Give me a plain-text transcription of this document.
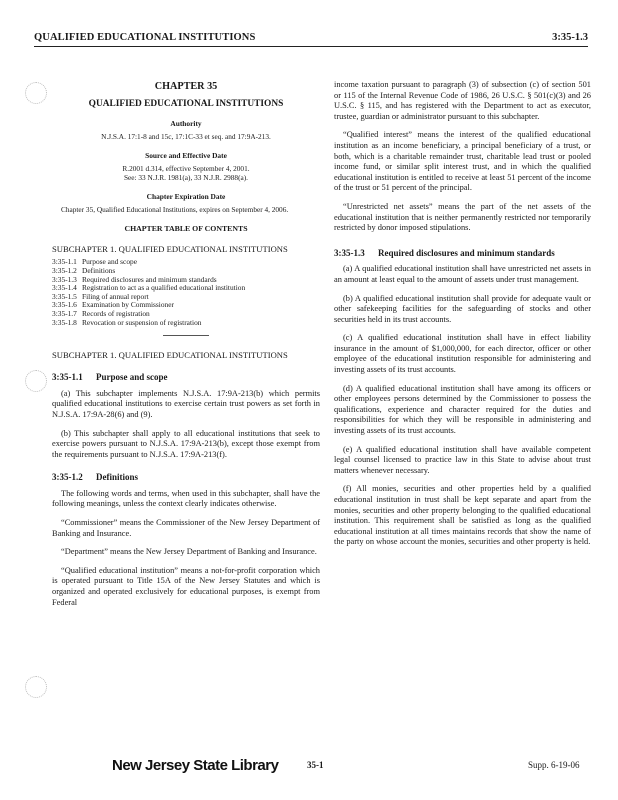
QUALIFIED EDUCATIONAL INSTITUTIONS	3:35-1.3
CHAPTER 35
QUALIFIED EDUCATIONAL INSTITUTIONS
Authority
N.J.S.A. 17:1-8 and 15c, 17:1C-33 et seq. and 17:9A-213.
Source and Effective Date
R.2001 d.314, effective September 4, 2001.
See: 33 N.J.R. 1981(a), 33 N.J.R. 2988(a).
Chapter Expiration Date
Chapter 35, Qualified Educational Institutions, expires on September 4, 2006.
CHAPTER TABLE OF CONTENTS
SUBCHAPTER 1. QUALIFIED EDUCATIONAL INSTITUTIONS
3:35-1.1 Purpose and scope
3:35-1.2 Definitions
3:35-1.3 Required disclosures and minimum standards
3:35-1.4 Registration to act as a qualified educational institution
3:35-1.5 Filing of annual report
3:35-1.6 Examination by Commissioner
3:35-1.7 Records of registration
3:35-1.8 Revocation or suspension of registration
SUBCHAPTER 1. QUALIFIED EDUCATIONAL INSTITUTIONS
3:35-1.1 Purpose and scope

(a) This subchapter implements N.J.S.A. 17:9A-213(b) which permits qualified educational institutions to exercise certain trust powers as set forth in N.J.S.A. 17:9A-28(6) and (9).

(b) This subchapter shall apply to all educational institutions that seek to exercise powers pursuant to N.J.S.A. 17:9A-213(b), except those exempt from the requirements pursuant to N.J.S.A. 17:9A-213(f).

3:35-1.2 Definitions

The following words and terms, when used in this subchapter, shall have the following meanings, unless the context clearly indicates otherwise.

“Commissioner” means the Commissioner of the New Jersey Department of Banking and Insurance.

“Department” means the New Jersey Department of Banking and Insurance.

“Qualified educational institution” means a not-for-profit corporation which is operated pursuant to Title 15A of the New Jersey Statutes and which is organized and operated exclusively for educational purposes, is exempt from Federal

income taxation pursuant to paragraph (3) of subsection (c) of section 501 or 115 of the Internal Revenue Code of 1986, 26 U.S.C. § 501(c)(3) and 26 U.S.C. § 115, and has registered with the Department to act as executor, trustee, guardian or administrator pursuant to this subchapter.

“Qualified interest” means the interest of the qualified educational institution as an income beneficiary, a principal beneficiary of a trust, or both, which is a charitable remainder trust, charitable lead trust or pooled income fund, or similar split interest trust, and in which the qualified educational institution is entitled to receive at least 51 percent of the income of the trust or 51 percent of the principal.

“Unrestricted net assets” means the part of the net assets of the educational institution that is neither permanently restricted nor temporarily restricted by donor imposed stipulations.

3:35-1.3 Required disclosures and minimum standards

(a) A qualified educational institution shall have unrestricted net assets in an amount at least equal to the amount of assets under trust management.

(b) A qualified educational institution shall provide for adequate vault or other safekeeping facilities for the safeguarding of stocks and other securities held in its trust accounts.

(c) A qualified educational institution shall have in effect liability insurance in the amount of $1,000,000, for each director, officer or other employee of the educational institution responsible for administering and investing assets of its trust accounts.

(d) A qualified educational institution shall have among its officers or other employees persons determined by the Commissioner to possess the qualifications, experience and character required for the duties and responsibilities for which they will be responsible in administering and investing assets of its trust accounts.

(e) A qualified educational institution shall have available competent legal counsel licensed to practice law in this State to advise about trust matters whenever necessary.

(f) All monies, securities and other properties held by a qualified educational institution in trust shall be kept separate and apart from the monies, securities and other property belonging to the qualified educational institution. This requirement shall be satisfied as long as the qualified educational institution at all times maintains records that show the name of the party on whose account the monies, securities and other property is held.

New Jersey State Library	35-1	Supp. 6-19-06
